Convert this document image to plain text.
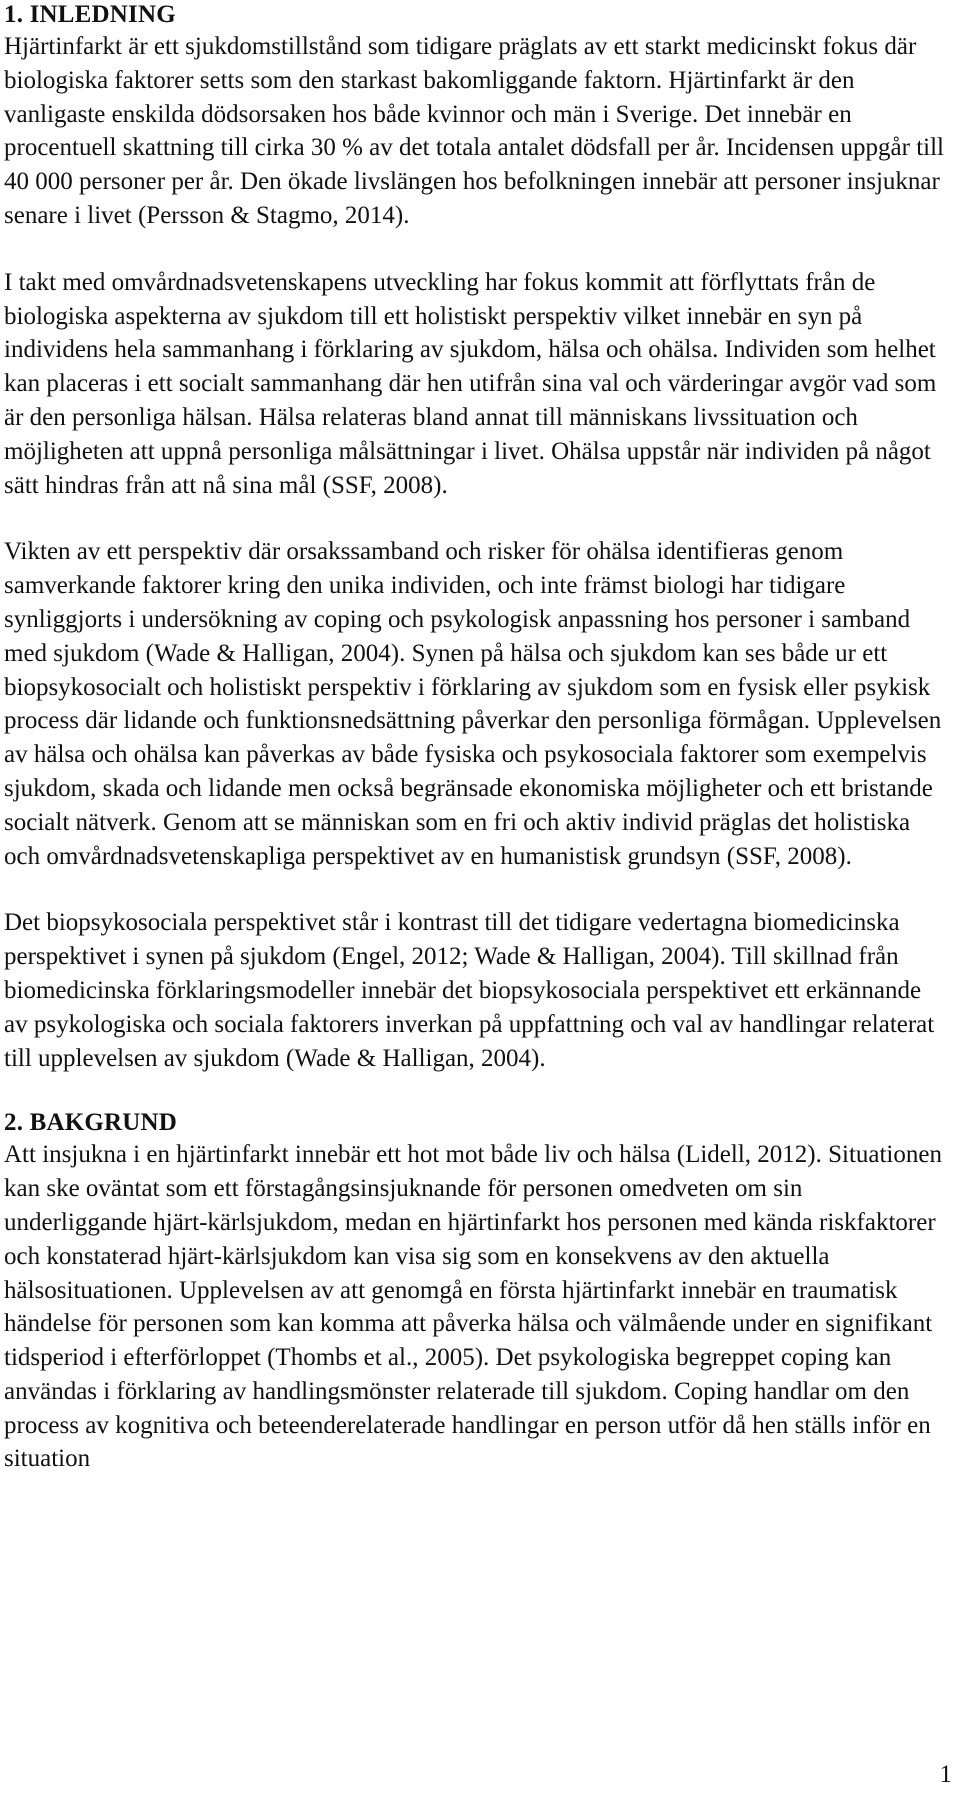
1. INLEDNING

Hjärtinfarkt är ett sjukdomstillstånd som tidigare präglats av ett starkt medicinskt fokus där biologiska faktorer setts som den starkast bakomliggande faktorn. Hjärtinfarkt är den vanligaste enskilda dödsorsaken hos både kvinnor och män i Sverige. Det innebär en procentuell skattning till cirka 30 % av det totala antalet dödsfall per år. Incidensen uppgår till 40 000 personer per år. Den ökade livslängen hos befolkningen innebär att personer insjuknar senare i livet (Persson & Stagmo, 2014).

I takt med omvårdnadsvetenskapens utveckling har fokus kommit att förflyttats från de biologiska aspekterna av sjukdom till ett holistiskt perspektiv vilket innebär en syn på individens hela sammanhang i förklaring av sjukdom, hälsa och ohälsa. Individen som helhet kan placeras i ett socialt sammanhang där hen utifrån sina val och värderingar avgör vad som är den personliga hälsan. Hälsa relateras bland annat till människans livssituation och möjligheten att uppnå personliga målsättningar i livet. Ohälsa uppstår när individen på något sätt hindras från att nå sina mål (SSF, 2008).

Vikten av ett perspektiv där orsakssamband och risker för ohälsa identifieras genom samverkande faktorer kring den unika individen, och inte främst biologi har tidigare synliggjorts i undersökning av coping och psykologisk anpassning hos personer i samband med sjukdom (Wade & Halligan, 2004). Synen på hälsa och sjukdom kan ses både ur ett biopsykosocialt och holistiskt perspektiv i förklaring av sjukdom som en fysisk eller psykisk process där lidande och funktionsnedsättning påverkar den personliga förmågan. Upplevelsen av hälsa och ohälsa kan påverkas av både fysiska och psykosociala faktorer som exempelvis sjukdom, skada och lidande men också begränsade ekonomiska möjligheter och ett bristande socialt nätverk. Genom att se människan som en fri och aktiv individ präglas det holistiska och omvårdnadsvetenskapliga perspektivet av en humanistisk grundsyn (SSF, 2008).

Det biopsykosociala perspektivet står i kontrast till det tidigare vedertagna biomedicinska perspektivet i synen på sjukdom (Engel, 2012; Wade & Halligan, 2004). Till skillnad från biomedicinska förklaringsmodeller innebär det biopsykosociala perspektivet ett erkännande av psykologiska och sociala faktorers inverkan på uppfattning och val av handlingar relaterat till upplevelsen av sjukdom (Wade & Halligan, 2004).

2. BAKGRUND

Att insjukna i en hjärtinfarkt innebär ett hot mot både liv och hälsa (Lidell, 2012). Situationen kan ske oväntat som ett förstagångsinsjuknande för personen omedveten om sin underliggande hjärt-kärlsjukdom, medan en hjärtinfarkt hos personen med kända riskfaktorer och konstaterad hjärt-kärlsjukdom kan visa sig som en konsekvens av den aktuella hälsosituationen. Upplevelsen av att genomgå en första hjärtinfarkt innebär en traumatisk händelse för personen som kan komma att påverka hälsa och välmående under en signifikant tidsperiod i efterförloppet (Thombs et al., 2005). Det psykologiska begreppet coping kan användas i förklaring av handlingsmönster relaterade till sjukdom. Coping handlar om den process av kognitiva och beteenderelaterade handlingar en person utför då hen ställs inför en situation

1
